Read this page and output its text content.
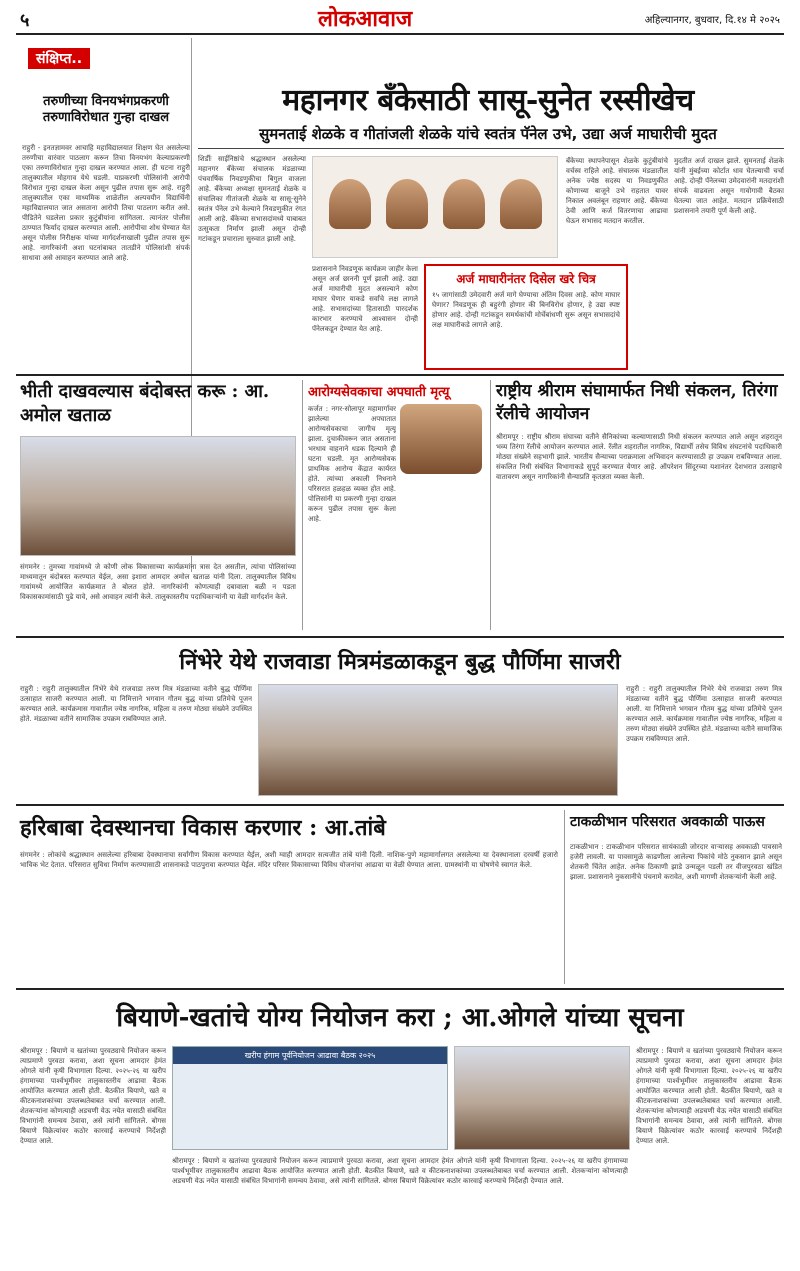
५	लोकआवाज	अहिल्यानगर, बुधवार, दि.१४ मे २०२५
संक्षिप्त..
तरुणीच्या विनयभंगप्रकरणी तरुणाविरोधात गुन्हा दाखल
राहुरी - इनतज्ञामवर आचाहि महाविद्यालयात शिक्षण घेत असलेल्या तरुणीचा वारंवार पाठलाग करून तिचा विनयभंग केल्याप्रकरणी एका तरुणाविरोधात गुन्हा दाखल करण्यात आला. ही घटना राहुरी तालुक्यातील मोहगाव येथे घडली. याप्रकरणी पोलिसांनी आरोपी विरोधात गुन्हा दाखल केला असून पुढील तपास सुरू आहे. राहुरी तालुक्यातील एका माध्यमिक शाळेतील अल्पवयीन विद्यार्थिनी महाविद्यालयात जात असताना आरोपी तिचा पाठलाग करीत असे. पीडितेने घडलेला प्रकार कुटुंबीयांना सांगितला. त्यानंतर पोलीस ठाण्यात फिर्याद दाखल करण्यात आली. आरोपीचा शोध घेण्यात येत असून पोलीस निरीक्षक यांच्या मार्गदर्शनाखाली पुढील तपास सुरू आहे. नागरिकांनी अशा घटनांबाबत तातडीने पोलिसांशी संपर्क साधावा असे आवाहन करण्यात आले आहे.
महानगर बँकेसाठी सासू-सुनेत रस्सीखेच
सुमनताई शेळके व गीतांजली शेळके यांचे स्वतंत्र पॅनेल उभे, उद्या अर्ज माघारीची मुदत
शिर्डीः साईनिष्ठांचे श्रद्धास्थान असलेल्या महानगर बँकेच्या संचालक मंडळाच्या पंचवार्षिक निवडणुकीचा बिगुल वाजला आहे. बँकेच्या अध्यक्षा सुमनताई शेळके व संचालिका गीतांजली शेळके या सासू-सुनेने स्वतंत्र पॅनेल उभे केल्याने निवडणुकीत रंगत आली आहे. बँकेच्या सभासदांमध्ये याबाबत उत्सुकता निर्माण झाली असून दोन्ही गटांकडून प्रचाराला सुरुवात झाली आहे.
प्रशासनाने निवडणूक कार्यक्रम जाहीर केला असून अर्ज छाननी पूर्ण झाली आहे. उद्या अर्ज माघारीची मुदत असल्याने कोण माघार घेणार याकडे सर्वांचे लक्ष लागले आहे. सभासदांच्या हितासाठी पारदर्शक कारभार करण्याचे आश्वासन दोन्ही पॅनेलकडून देण्यात येत आहे.
अर्ज माघारीनंतर दिसेल खरे चित्र

१५ जागांसाठी उमेदवारी अर्ज मागे घेण्याचा अंतिम दिवस आहे. कोण माघार घेणार? निवडणूक ही बहुरंगी होणार की बिनविरोध होणार, हे उद्या स्पष्ट होणार आहे. दोन्ही गटांकडून समर्थकांची मोर्चेबांधणी सुरू असून सभासदांचे लक्ष माघारीकडे लागले आहे.

बँकेच्या स्थापनेपासून शेळके कुटुंबीयांचे वर्चस्व राहिले आहे. संचालक मंडळातील अनेक ज्येष्ठ सदस्य या निवडणुकीत कोणाच्या बाजूने उभे राहतात यावर निकाल अवलंबून राहणार आहे. बँकेच्या ठेवी आणि कर्ज वितरणाचा आढावा घेऊन सभासद मतदान करतील.
मुदतीत अर्ज दाखल झाले. सुमनताई शेळके यांनी मुंबईच्या कोर्टात धाव घेतल्याची चर्चा आहे. दोन्ही पॅनेलच्या उमेदवारांनी मतदारांशी संपर्क वाढवला असून गावोगावी बैठका घेतल्या जात आहेत. मतदान प्रक्रियेसाठी प्रशासनाने तयारी पूर्ण केली आहे.
भीती दाखवल्यास बंदोबस्त करू : आ. अमोल खताळ
संगमनेर : तुमच्या गावांमध्ये जे कोणी लोक विकासाच्या कार्यक्रमांना त्रास देत असतील, त्यांचा पोलिसांच्या माध्यमातून बंदोबस्त करण्यात येईल, असा इशारा आमदार अमोल खताळ यांनी दिला. तालुक्यातील विविध गावांमध्ये आयोजित कार्यक्रमात ते बोलत होते. नागरिकांनी कोणत्याही दबावाला बळी न पडता विकासकामांसाठी पुढे यावे, असे आवाहन त्यांनी केले. तालुकास्तरीय पदाधिकाऱ्यांनी या वेळी मार्गदर्शन केले.
आरोग्यसेवकाचा अपघाती मृत्यू
कर्जत : नगर-सोलापूर महामार्गावर झालेल्या अपघातात आरोग्यसेवकाचा जागीच मृत्यू झाला. दुचाकीवरून जात असताना भरधाव वाहनाने धडक दिल्याने ही घटना घडली. मृत आरोग्यसेवक प्राथमिक आरोग्य केंद्रात कार्यरत होते. त्यांच्या अकाली निधनाने परिसरात हळहळ व्यक्त होत आहे. पोलिसांनी या प्रकरणी गुन्हा दाखल करून पुढील तपास सुरू केला आहे.
राष्ट्रीय श्रीराम संघामार्फत निधी संकलन, तिरंगा रॅलीचे आयोजन
श्रीरामपूर : राष्ट्रीय श्रीराम संघाच्या वतीने सैनिकांच्या कल्याणासाठी निधी संकलन करण्यात आले असून शहरातून भव्य तिरंगा रॅलीचे आयोजन करण्यात आले. रॅलीत शहरातील नागरिक, विद्यार्थी तसेच विविध संघटनांचे पदाधिकारी मोठ्या संख्येने सहभागी झाले. भारतीय सैन्याच्या पराक्रमाला अभिवादन करण्यासाठी हा उपक्रम राबविण्यात आला. संकलित निधी संबंधित विभागाकडे सुपूर्द करण्यात येणार आहे. ऑपरेशन सिंदूरच्या यशानंतर देशभरात उत्साहाचे वातावरण असून नागरिकांनी सैन्याप्रति कृतज्ञता व्यक्त केली.
निंभेरे येथे राजवाडा मित्रमंडळाकडून बुद्ध पौर्णिमा साजरी
राहुरी : राहुरी तालुक्यातील निंभेरे येथे राजवाडा तरुण मित्र मंडळाच्या वतीने बुद्ध पौर्णिमा उत्साहात साजरी करण्यात आली. या निमित्ताने भगवान गौतम बुद्ध यांच्या प्रतिमेचे पूजन करण्यात आले. कार्यक्रमास गावातील ज्येष्ठ नागरिक, महिला व तरुण मोठ्या संख्येने उपस्थित होते. मंडळाच्या वतीने सामाजिक उपक्रम राबविण्यात आले.
राहुरी : राहुरी तालुक्यातील निंभेरे येथे राजवाडा तरुण मित्र मंडळाच्या वतीने बुद्ध पौर्णिमा उत्साहात साजरी करण्यात आली. या निमित्ताने भगवान गौतम बुद्ध यांच्या प्रतिमेचे पूजन करण्यात आले. कार्यक्रमास गावातील ज्येष्ठ नागरिक, महिला व तरुण मोठ्या संख्येने उपस्थित होते. मंडळाच्या वतीने सामाजिक उपक्रम राबविण्यात आले.
हरिबाबा देवस्थानचा विकास करणार : आ.तांबे
संगमनेर : लोकांचे श्रद्धास्थान असलेल्या हरिबाबा देवस्थानाचा सर्वांगीण विकास करण्यात येईल, अशी ग्वाही आमदार सत्यजीत तांबे यांनी दिली. नाशिक-पुणे महामार्गालगत असलेल्या या देवस्थानाला दरवर्षी हजारो भाविक भेट देतात. परिसरात सुविधा निर्माण करण्यासाठी शासनाकडे पाठपुरावा करण्यात येईल. मंदिर परिसर विकासाच्या विविध योजनांचा आढावा या वेळी घेण्यात आला. ग्रामस्थांनी या घोषणेचे स्वागत केले.
टाकळीभान परिसरात अवकाळी पाऊस
टाकळीभान : टाकळीभान परिसरात सायंकाळी जोरदार वाऱ्यासह अवकाळी पावसाने हजेरी लावली. या पावसामुळे काढणीला आलेल्या पिकांचे मोठे नुकसान झाले असून शेतकरी चिंतेत आहेत. अनेक ठिकाणी झाडे उन्मळून पडली तर वीजपुरवठा खंडित झाला. प्रशासनाने नुकसानीचे पंचनामे करावेत, अशी मागणी शेतकऱ्यांनी केली आहे.
बियाणे-खतांचे योग्य नियोजन करा ; आ.ओगले यांच्या सूचना
श्रीरामपूर : बियाणे व खतांच्या पुरवठ्याचे नियोजन करून त्याप्रमाणे पुरवठा करावा, अशा सूचना आमदार हेमंत ओगले यांनी कृषी विभागाला दिल्या. २०२५-२६ या खरीप हंगामाच्या पार्श्वभूमीवर तालुकास्तरीय आढावा बैठक आयोजित करण्यात आली होती. बैठकीत बियाणे, खते व कीटकनाशकांच्या उपलब्धतेबाबत चर्चा करण्यात आली. शेतकऱ्यांना कोणत्याही अडचणी येऊ नयेत यासाठी संबंधित विभागांनी समन्वय ठेवावा, असे त्यांनी सांगितले. बोगस बियाणे विक्रेत्यांवर कठोर कारवाई करण्याचे निर्देशही देण्यात आले.
खरीप हंगाम पूर्वनियोजन आढावा बैठक २०२५
श्रीरामपूर : बियाणे व खतांच्या पुरवठ्याचे नियोजन करून त्याप्रमाणे पुरवठा करावा, अशा सूचना आमदार हेमंत ओगले यांनी कृषी विभागाला दिल्या. २०२५-२६ या खरीप हंगामाच्या पार्श्वभूमीवर तालुकास्तरीय आढावा बैठक आयोजित करण्यात आली होती. बैठकीत बियाणे, खते व कीटकनाशकांच्या उपलब्धतेबाबत चर्चा करण्यात आली. शेतकऱ्यांना कोणत्याही अडचणी येऊ नयेत यासाठी संबंधित विभागांनी समन्वय ठेवावा, असे त्यांनी सांगितले. बोगस बियाणे विक्रेत्यांवर कठोर कारवाई करण्याचे निर्देशही देण्यात आले.
श्रीरामपूर : बियाणे व खतांच्या पुरवठ्याचे नियोजन करून त्याप्रमाणे पुरवठा करावा, अशा सूचना आमदार हेमंत ओगले यांनी कृषी विभागाला दिल्या. २०२५-२६ या खरीप हंगामाच्या पार्श्वभूमीवर तालुकास्तरीय आढावा बैठक आयोजित करण्यात आली होती. बैठकीत बियाणे, खते व कीटकनाशकांच्या उपलब्धतेबाबत चर्चा करण्यात आली. शेतकऱ्यांना कोणत्याही अडचणी येऊ नयेत यासाठी संबंधित विभागांनी समन्वय ठेवावा, असे त्यांनी सांगितले. बोगस बियाणे विक्रेत्यांवर कठोर कारवाई करण्याचे निर्देशही देण्यात आले.
